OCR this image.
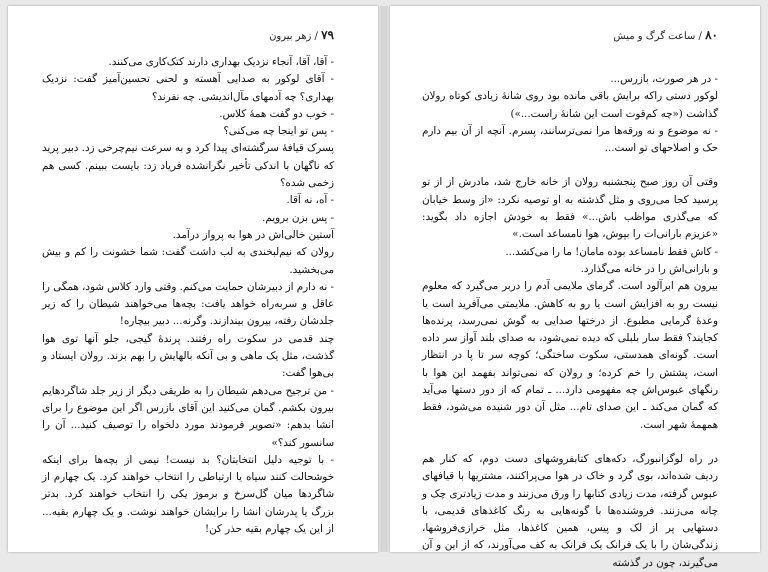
۷۹ / زهر بیرون

- آقا، آقا، آنجاء نزدیک بهداری دارند کتک‌کاری می‌کنند.

- آقای لوکور به صدایی آهسته و لحنی تحسین‌آمیز گفت: نزدیک بهداری؟ چه آدمهای مآل‌اندیشی. چه نفرند؟

- خوب دو گفت همهٔ کلاس.

- پس تو اینجا چه می‌کنی؟

پسرک قیافهٔ سرگشته‌ای پیدا کرد و به سرعت نیم‌چرخی زد. دبیر پرید که ناگهان با اندکی تأخیر نگرانشده فریاد زد: بایست ببینم. کسی هم زخمی شده؟

- آه، نه آقا.

- پس بزن برویم.

آستین خالی‌اش در هوا به پرواز درآمد.

رولان که نیم‌لبخندی به لب داشت گفت: شما خشونت را کم و بیش می‌بخشید.

- نه دارم از دبیرشان حمایت می‌کنم. وقتی وارد کلاس شود، همگی را عاقل و سربه‌راه خواهد یافت: بچه‌ها می‌خواهند شیطان را که زیر جلدشان رفته، بیرون بیندازند. وگرنه... دبیر بیچاره!

چند قدمی در سکوت راه رفتند. پرندهٔ گیجی، جلو آنها توی هوا گذشت، مثل یک ماهی و بی آنکه بالهایش را بهم بزند. رولان ایستاد و بی‌هوا گفت:

- من ترجیح می‌دهم شیطان را به طریقی دیگر از زیر جلد شاگردهایم بیرون بکشم. گمان می‌کنید این آقای بازرس اگر این موضوع را برای انشا بدهم: «تصویر فرمودند مورد دلخواه را توصیف کنید... آن را سانسور کند؟»

- با توجیه دلیل انتخابتان؟ بد نیست! نیمی از بچه‌ها برای اینکه خوشحالت کنند سیاه یا ارتباطی را انتخاب خواهند کرد. یک چهارم از شاگردها میان گل‌سرخ و برموز یکی را انتخاب خواهند کرد. بدتر بزرگ یا پدرشان انشا را برایشان خواهند نوشت. و یک چهارم بقیه... از این یک چهارم بقیه حذر کن!

۸۰ / ساعت گرگ و میش

- در هر صورت، بازرس...

لوکور دستی راکه برایش باقی مانده بود روی شانهٔ زیادی کوتاه رولان گذاشت («چه کم‌قوت است این شانهٔ راست...»)

- نه موضوع و نه ورقه‌ها مرا نمی‌ترسانند، پسرم. آنچه از آن بیم دارم حک و اصلاحهای تو است...

وقتی آن روز صبح پنجشنبه رولان از خانه خارج شد، مادرش از از تو پرسید کجا می‌روی و مثل گذشته به او توصیه نکرد: «از وسط خیابان که می‌گذری مواظب باش...» فقط به خودش اجازه داد بگوید: «عزیزم بارانی‌ات را بپوش، هوا نامساعد است.»

- کاش فقط نامساعد بوده مامان! ما را می‌کشد...

و بارانی‌اش را در خانه می‌گذارد.

بیرون هم ابرآلود است. گرمای ملایمی آدم را دربر می‌گیرد که معلوم نیست رو به افزایش است یا رو به کاهش. ملایمتی می‌آفرید است یا وعدهٔ گرمایی مطبوع. از درختها صدایی به گوش نمی‌رسد، پرنده‌ها کجایند؟ فقط سار بلبلی که دیده نمی‌شود، به صدای بلند آواز سر داده است. گونه‌ای همدستی، سکوت ساختگی؛ کوچه سر تا پا در انتظار است، پشتش را خم کرده؛ و رولان که نمی‌تواند بفهمد این هوا با رنگهای عبوس‌اش چه مفهومی دارد... ـ تمام که از دور دستها می‌آید که گمان می‌کند ـ این صدای تام... مثل آن دور شنیده می‌شود، فقط همهمهٔ شهر است.

در راه لوگزانبورگ، دکه‌های کتابفروشهای دست دوم، که کنار هم ردیف شده‌اند، بوی گرد و خاک در هوا می‌پراکنند، مشتریها با قیافهای عبوس گرفته، مدت زیادی کتابها را ورق می‌زنند و مدت زیادتری چک و چانه می‌زنند. فروشنده‌ها با گونه‌هایی به رنگ کاغذهای قدیمی، با دستهایی پر از لک و پیس، همین کاغذها، مثل خرازی‌فروشها، زندگی‌شان را با یک فرانک یک فرانک به کف می‌آورند، که از این و آن می‌گیرند، چون در گذشته
